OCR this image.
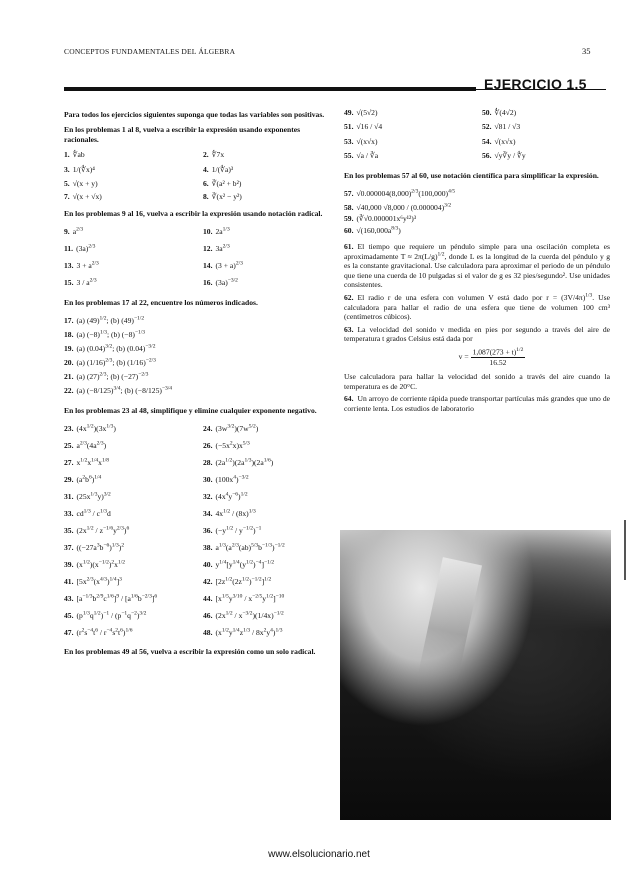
CONCEPTOS FUNDAMENTALES DEL ÁLGEBRA	35
EJERCICIO 1.5

Para todos los ejercicios siguientes suponga que todas las variables son positivas.

En los problemas 1 al 8, vuelva a escribir la expresión usando exponentes racionales.

1. ∜ab	2. ∜7x
3. 1/(∜x)⁴	4. 1/(∜a)³
5. √(x + y)	6. ∛(a² + b²)
7. √(x + √x)	8. ∛(x² − y²)

En los problemas 9 al 16, vuelva a escribir la expresión usando notación radical.

9. $a^{2/3}$	10. $2a^{1/3}$
11. $(3a)^{2/3}$	12. $3a^{2/3}$
13. $3 + a^{2/3}$	14. $(3 + a)^{2/3}$
15. $3 / a^{2/3}$	16. $(3a)^{-3/2}$

En los problemas 17 al 22, encuentre los números indicados.

17. (a) $(49)^{1/2}$; (b) $(49)^{-1/2}$
18. (a) $(-8)^{1/3}$; (b) $(-8)^{-1/3}$
19. (a) $(0.04)^{3/2}$; (b) $(0.04)^{-3/2}$
20. (a) $(1/16)^{2/3}$; (b) $(1/16)^{-2/3}$
21. (a) $(27)^{2/3}$; (b) $(-27)^{-2/3}$
22. (a) $(-8/125)^{3/4}$; (b) $(-8/125)^{-3/4}$

En los problemas 23 al 48, simplifique y elimine cualquier exponente negativo.

23. $(4x^{1/2})(3x^{1/3})$	24. $(3w^{3/2})(7w^{5/2})$
25. $a^{2/3}(4a^{2/3})$	26. $(-5x^2x)x^{5/3}$
27. $x^{1/2}x^{1/4}x^{1/8}$	28. $(2a^{1/2})(2a^{1/3})(2a^{1/6})$
29. $(a^2b^6)^{1/4}$	30. $(100x^4)^{-3/2}$
31. $(25x^{1/3}y)^{3/2}$	32. $(4x^4y^{-6})^{1/2}$
33. $cd^{1/3} / c^{1/3}d$	34. $4x^{1/2} / (8x)^{1/3}$
35. $(2x^{1/2} / z^{-1/6}y^{2/3})^6$	36. $(-y^{1/2} / y^{-1/2})^{-1}$
37. $((-27a^3b^{-6})^{1/3})^2$	38. $a^{1/3}(a^{2/3}(ab)^{5/3}b^{-1/3})^{-1/2}$
39. $(x^{1/2})(x^{-1/2})^2x^{1/2}$	40. $y^{1/4}[y^{1/4}(y^{1/2})^{-4}]^{-1/2}$
41. $[5x^{2/3}(x^{4/3})^{1/4}]^3$	42. $[2z^{1/2}(2z^{1/2})^{-1/2}]^{1/2}$
43. $[a^{-1/3}b^{2/9}c^{1/6}]^9 / [a^{1/6}b^{-2/3}]^6$	44. $[x^{1/5}y^{3/10} / x^{-2/5}y^{1/2}]^{-10}$
45. $(p^{1/3}q^{1/2})^{-1} / (p^{-1}q^{-2})^{3/2}$	46. $(2x^{1/2} / x^{-3/2})(1/4x)^{-1/2}$
47. $(r^2s^{-4}t^6 / r^{-4}s^2t^6)^{1/6}$	48. $(x^{1/2}y^{1/4}z^{1/3} / 8x^2y^4)^{1/3}$

En los problemas 49 al 56, vuelva a escribir la expresión como un solo radical.

49. √(5√2)	50. ∜(4√2)
51. √16 / √4	52. √81 / √3
53. √(x√x)	54. √(x√x)
55. √a / ∛a	56. √y∛y / ∜y

En los problemas 57 al 60, use notación científica para simplificar la expresión.

57. $√0.000004(8,000)^{2/3}(100,000)^{4/5}$
58. √40,000 $√8,000 / (0.000004)^{3/2}$
59. (∛√0.000001x⁶y¹²)³
60. $√(160,000a^{8/3})$

61. El tiempo que requiere un péndulo simple para una oscilación completa es aproximadamente $T \approx 2\pi(L/g)^{1/2}$, donde L es la longitud de la cuerda del péndulo y g es la constante gravitacional. Use calculadora para aproximar el periodo de un péndulo que tiene una cuerda de 10 pulgadas si el valor de g es 32 pies/segundo². Use unidades consistentes.

62. El radio r de una esfera con volumen V está dado por $r = (3V/4\pi)^{1/3}$. Use calculadora para hallar el radio de una esfera que tiene de volumen 100 cm³ (centímetros cúbicos).

63. La velocidad del sonido v medida en pies por segundo a través del aire de temperatura t grados Celsius está dada por

$v = \frac{1,087(273 + t)^{1/2}}{16.52}$

Use calculadora para hallar la velocidad del sonido a través del aire cuando la temperatura es de 20°C.

64. Un arroyo de corriente rápida puede transportar partículas más grandes que uno de corriente lenta. Los estudios de laboratorio

www.elsolucionario.net
